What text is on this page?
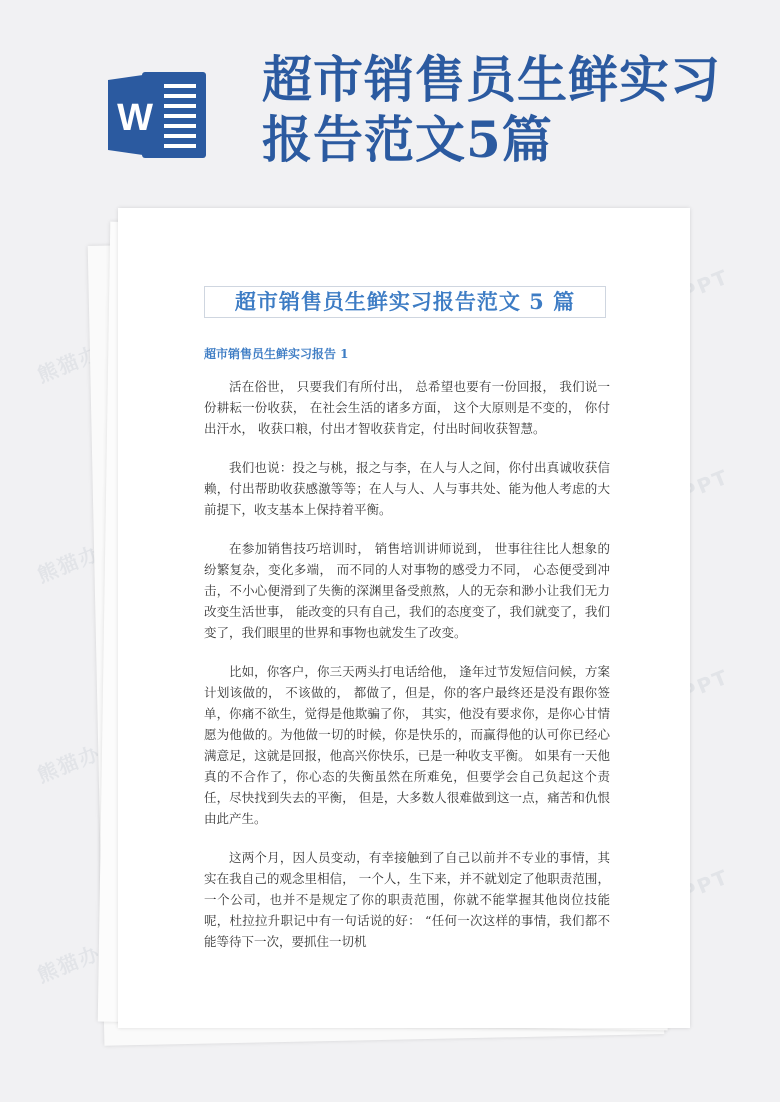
熊猫办公
熊猫办公
熊猫办公
熊猫办公
W
超市销售员生鲜实习报告范文5篇
超市销售员生鲜实习报告范文 5 篇
超市销售员生鲜实习报告 1

活在俗世， 只要我们有所付出， 总希望也要有一份回报， 我们说一份耕耘一份收获， 在社会生活的诸多方面， 这个大原则是不变的， 你付出汗水， 收获口粮，付出才智收获肯定，付出时间收获智慧。

我们也说：投之与桃，报之与李，在人与人之间，你付出真诚收获信赖，付出帮助收获感激等等；在人与人、人与事共处、能为他人考虑的大前提下，收支基本上保持着平衡。

在参加销售技巧培训时， 销售培训讲师说到， 世事往往比人想象的纷繁复杂，变化多端， 而不同的人对事物的感受力不同， 心态便受到冲击，不小心便滑到了失衡的深渊里备受煎熬，人的无奈和渺小让我们无力改变生活世事， 能改变的只有自己，我们的态度变了，我们就变了，我们变了，我们眼里的世界和事物也就发生了改变。

比如，你客户，你三天两头打电话给他， 逢年过节发短信问候，方案计划该做的， 不该做的， 都做了，但是，你的客户最终还是没有跟你签单，你痛不欲生，觉得是他欺骗了你， 其实，他没有要求你，是你心甘情愿为他做的。为他做一切的时候，你是快乐的，而赢得他的认可你已经心满意足，这就是回报，他高兴你快乐，已是一种收支平衡。 如果有一天他真的不合作了，你心态的失衡虽然在所难免，但要学会自己负起这个责任，尽快找到失去的平衡， 但是，大多数人很难做到这一点，痛苦和仇恨由此产生。

这两个月，因人员变动，有幸接触到了自己以前并不专业的事情，其实在我自己的观念里相信， 一个人，生下来，并不就划定了他职责范围，一个公司，也并不是规定了你的职责范围，你就不能掌握其他岗位技能呢，杜拉拉升职记中有一句话说的好： “任何一次这样的事情，我们都不能等待下一次，要抓住一切机
